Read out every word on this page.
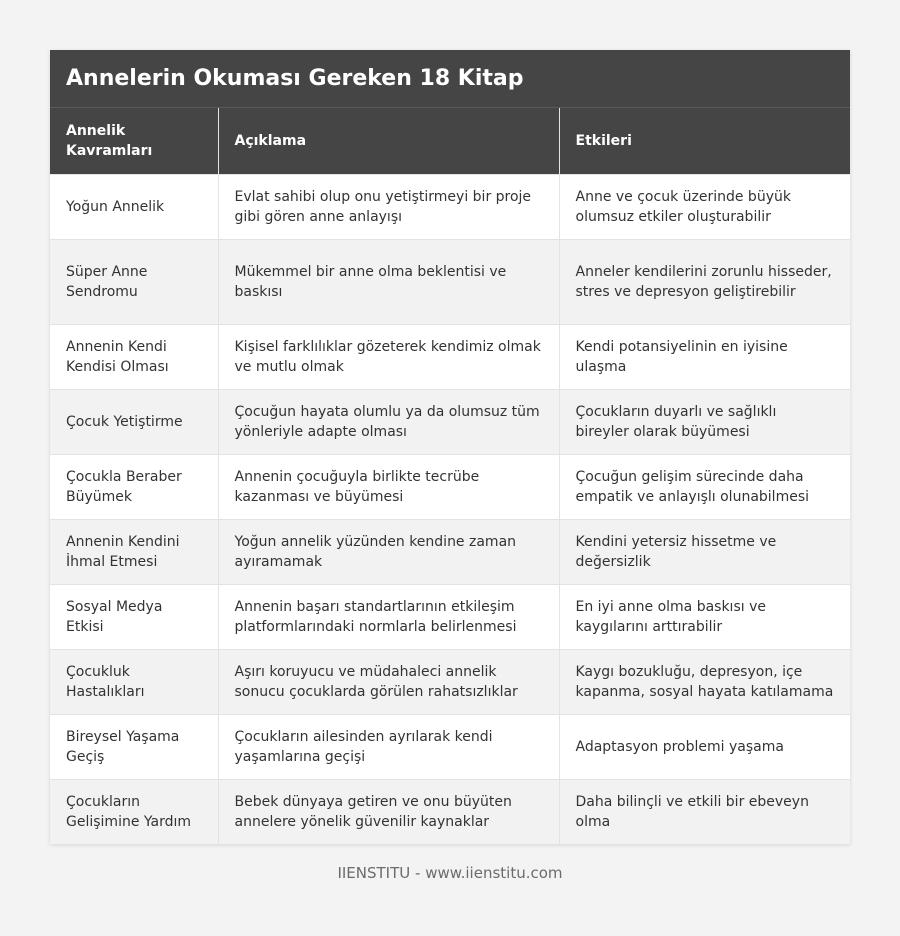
Annelerin Okuması Gereken 18 Kitap
Annelik Kavramları	Açıklama	Etkileri
Yoğun Annelik	Evlat sahibi olup onu yetiştirmeyi bir proje gibi gören anne anlayışı	Anne ve çocuk üzerinde büyük olumsuz etkiler oluşturabilir
Süper Anne Sendromu	Mükemmel bir anne olma beklentisi ve baskısı	Anneler kendilerini zorunlu hisseder, stres ve depresyon geliştirebilir
Annenin Kendi Kendisi Olması	Kişisel farklılıklar gözeterek kendimiz olmak ve mutlu olmak	Kendi potansiyelinin en iyisine ulaşma
Çocuk Yetiştirme	Çocuğun hayata olumlu ya da olumsuz tüm yönleriyle adapte olması	Çocukların duyarlı ve sağlıklı bireyler olarak büyümesi
Çocukla Beraber Büyümek	Annenin çocuğuyla birlikte tecrübe kazanması ve büyümesi	Çocuğun gelişim sürecinde daha empatik ve anlayışlı olunabilmesi
Annenin Kendini İhmal Etmesi	Yoğun annelik yüzünden kendine zaman ayıramamak	Kendini yetersiz hissetme ve değersizlik
Sosyal Medya Etkisi	Annenin başarı standartlarının etkileşim platformlarındaki normlarla belirlenmesi	En iyi anne olma baskısı ve kaygılarını arttırabilir
Çocukluk Hastalıkları	Aşırı koruyucu ve müdahaleci annelik sonucu çocuklarda görülen rahatsızlıklar	Kaygı bozukluğu, depresyon, içe kapanma, sosyal hayata katılamama
Bireysel Yaşama Geçiş	Çocukların ailesinden ayrılarak kendi yaşamlarına geçişi	Adaptasyon problemi yaşama
Çocukların Gelişimine Yardım	Bebek dünyaya getiren ve onu büyüten annelere yönelik güvenilir kaynaklar	Daha bilinçli ve etkili bir ebeveyn olma
IIENSTITU - www.iienstitu.com
